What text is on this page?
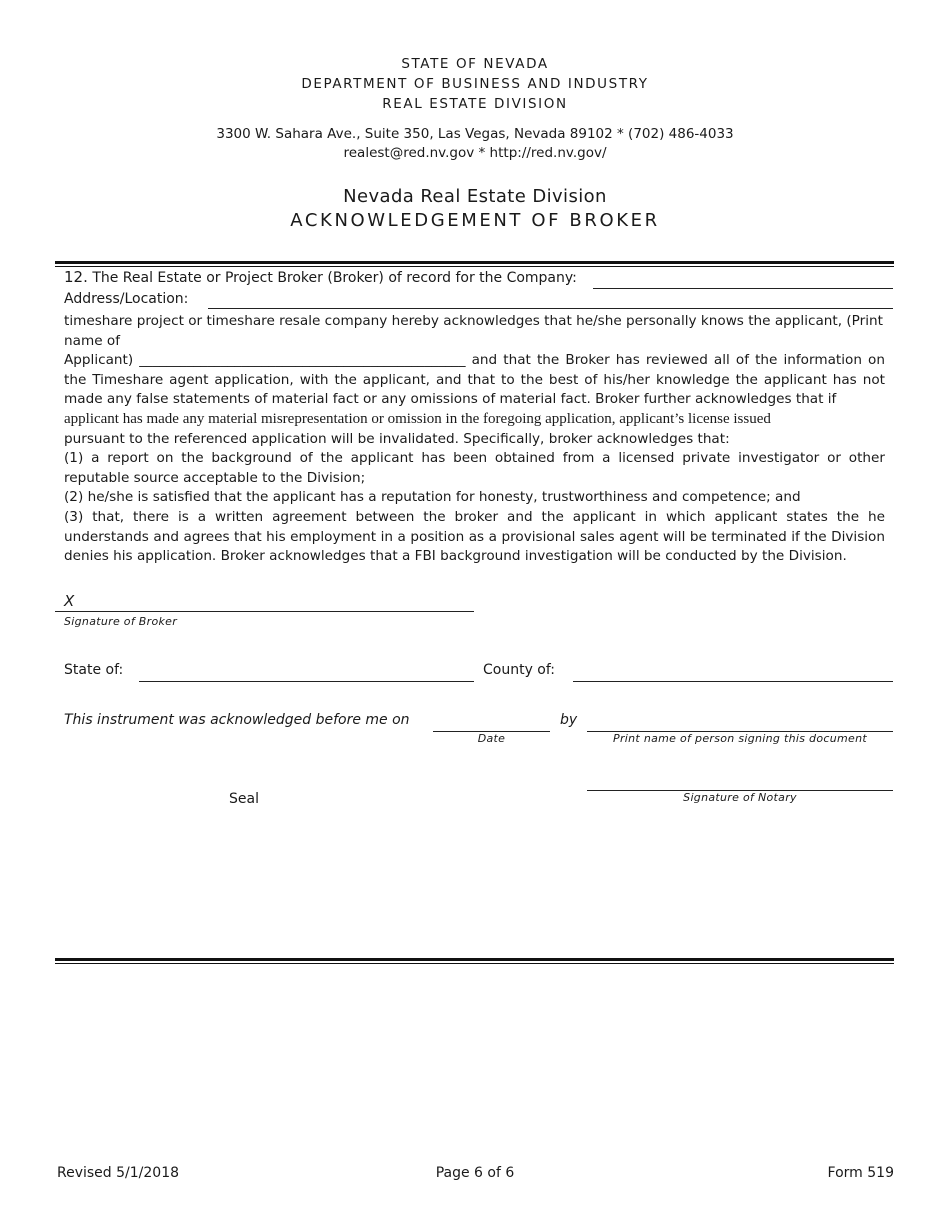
STATE OF NEVADA
DEPARTMENT OF BUSINESS AND INDUSTRY
REAL ESTATE DIVISION
3300 W. Sahara Ave., Suite 350, Las Vegas, Nevada 89102 * (702) 486-4033
realest@red.nv.gov * http://red.nv.gov/
Nevada Real Estate Division
ACKNOWLEDGEMENT OF BROKER
12. The Real Estate or Project Broker (Broker) of record for the Company:
Address/Location:

timeshare project or timeshare resale company hereby acknowledges that he/she personally knows the applicant, (Print name of

Applicant) ________________________________________________ and that the Broker has reviewed all of the information on the Timeshare agent application, with the applicant, and that to the best of his/her knowledge the applicant has not made any false statements of material fact or any omissions of material fact. Broker further acknowledges that if

applicant has made any material misrepresentation or omission in the foregoing application, applicant’s license issued

pursuant to the referenced application will be invalidated. Specifically, broker acknowledges that:

(1) a report on the background of the applicant has been obtained from a licensed private investigator or other reputable source acceptable to the Division;

(2) he/she is satisfied that the applicant has a reputation for honesty, trustworthiness and competence; and

(3) that, there is a written agreement between the broker and the applicant in which applicant states the he understands and agrees that his employment in a position as a provisional sales agent will be terminated if the Division denies his application. Broker acknowledges that a FBI background investigation will be conducted by the Division.

X
Signature of Broker
State of:	County of:
This instrument was acknowledged before me on
Date
by
Print name of person signing this document
Seal	Signature of Notary
Revised 5/1/2018	Page 6 of 6	Form 519
